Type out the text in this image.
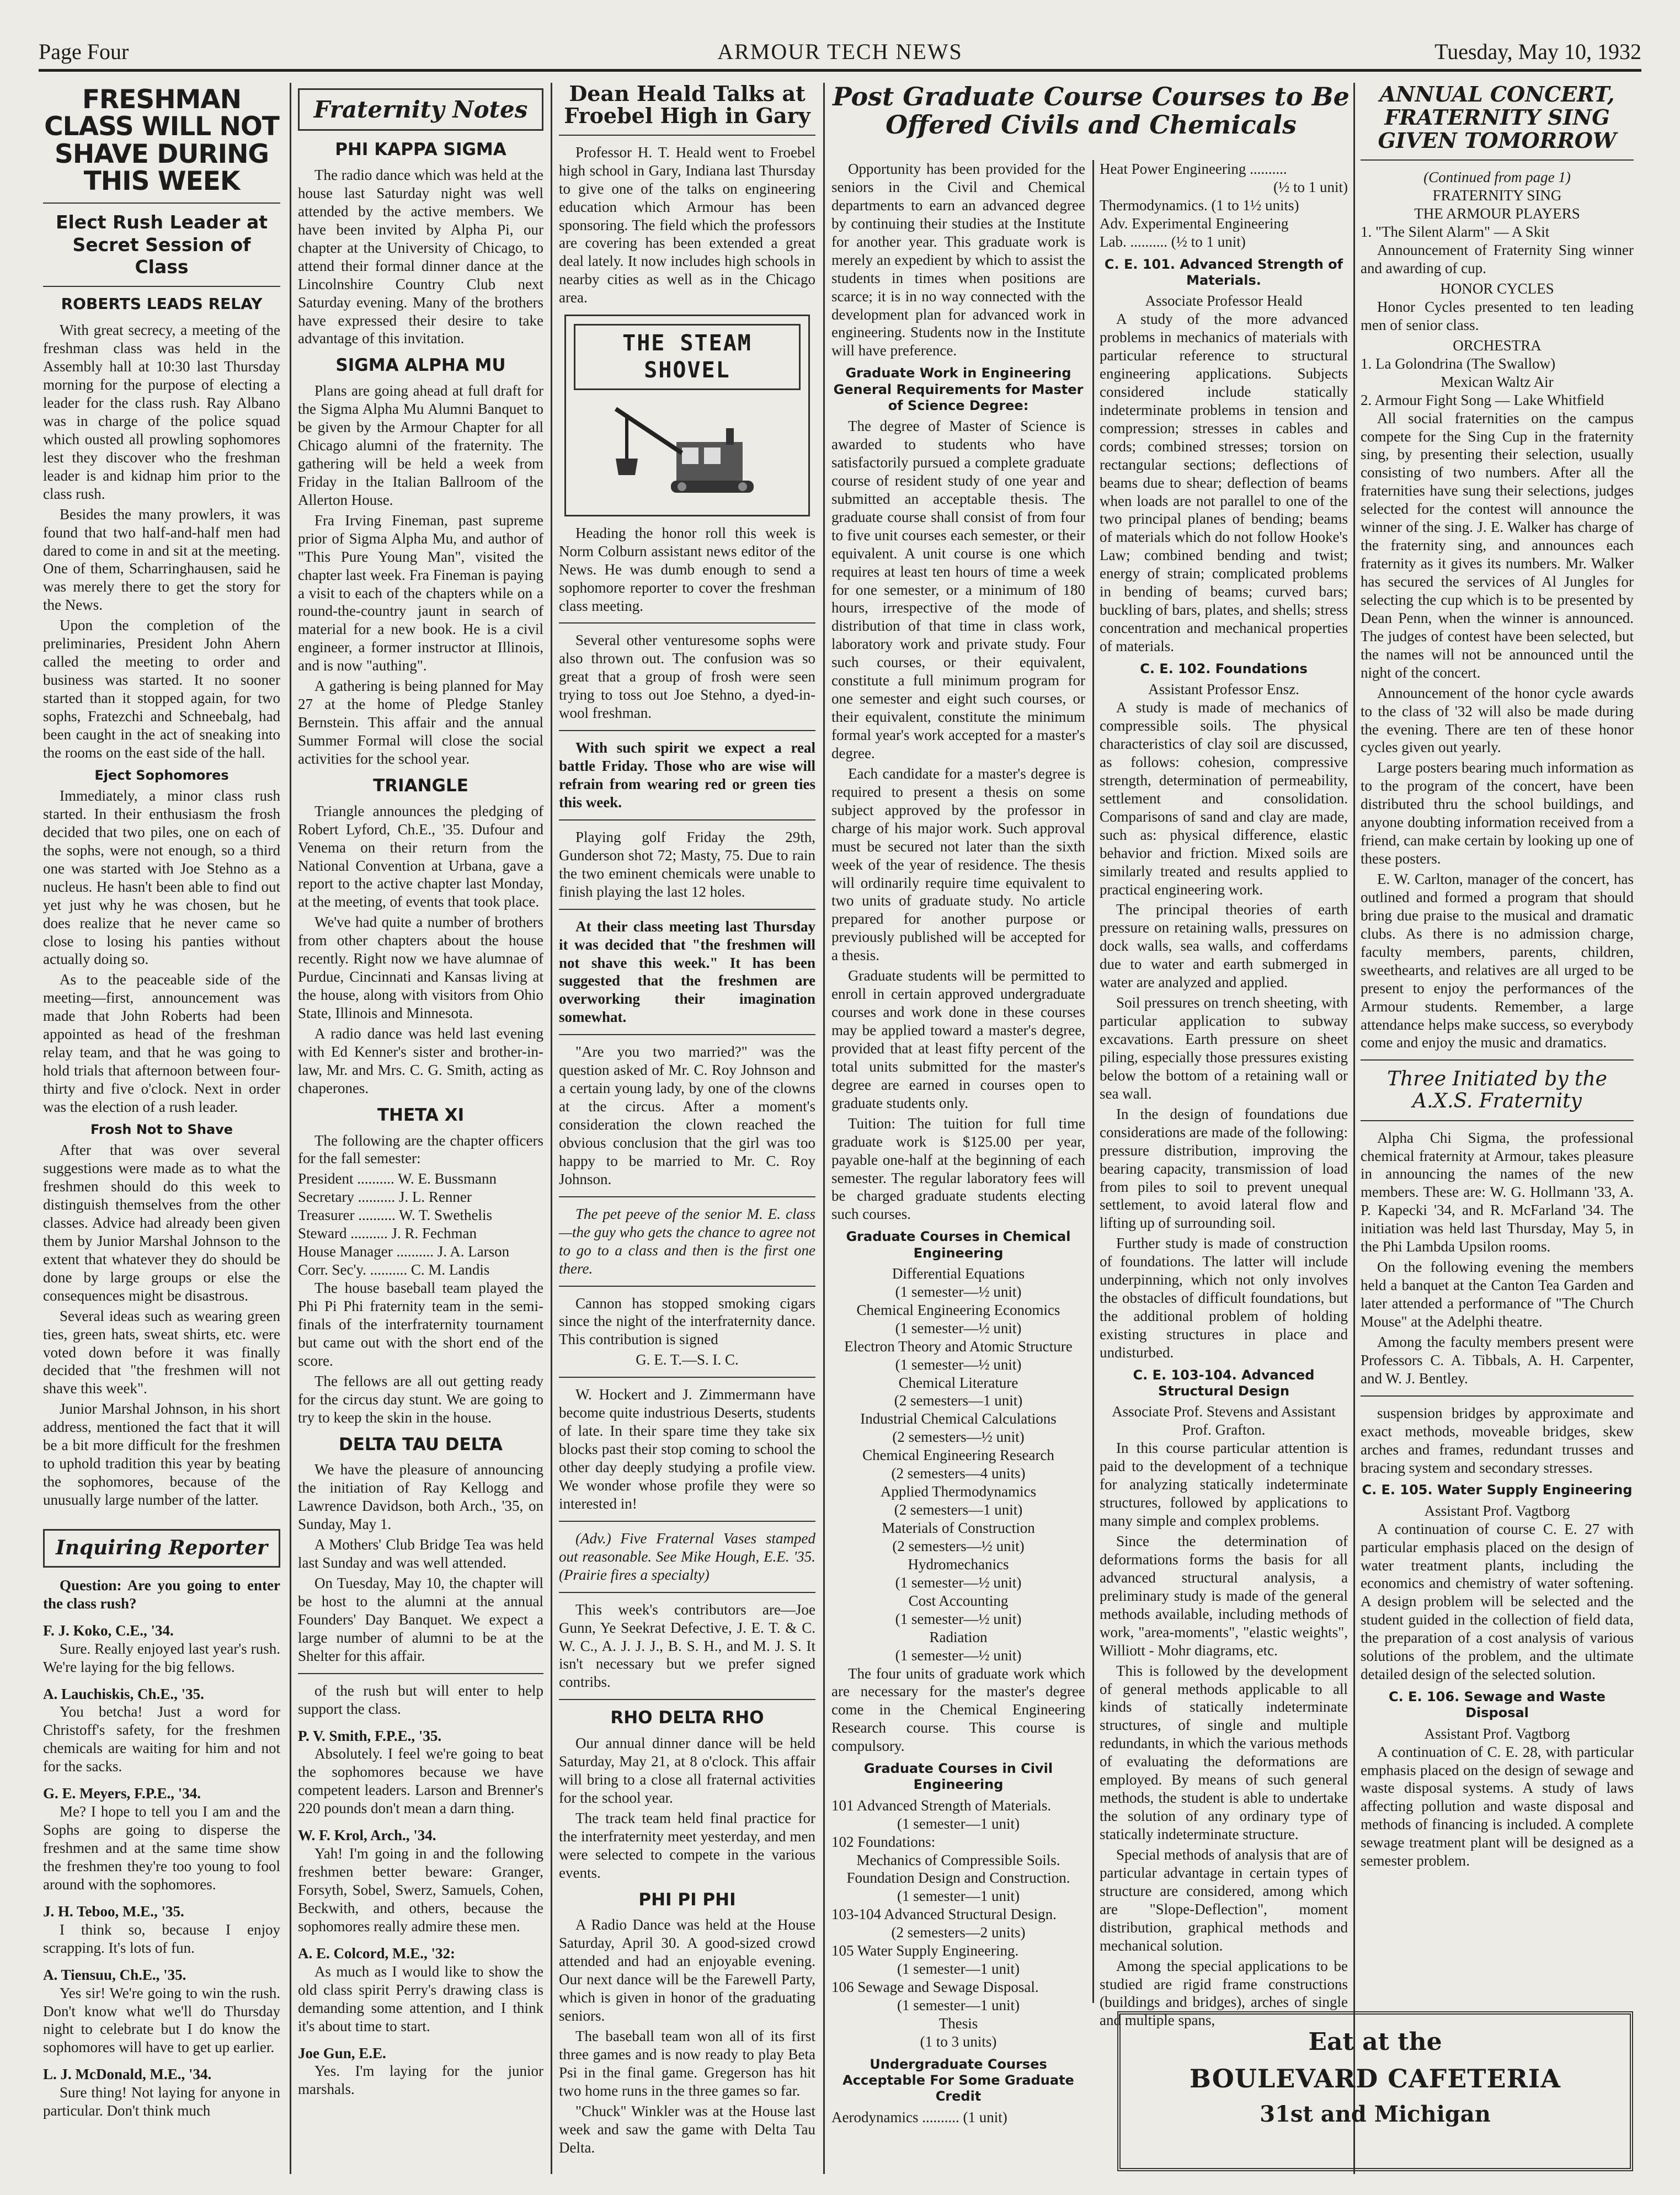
Page Four	ARMOUR TECH NEWS	Tuesday, May 10, 1932
FRESHMAN CLASS WILL NOT SHAVE DURING THIS WEEK
Elect Rush Leader at Secret Session of Class
ROBERTS LEADS RELAY

With great secrecy, a meeting of the freshman class was held in the Assembly hall at 10:30 last Thursday morning for the purpose of electing a leader for the class rush. Ray Albano was in charge of the police squad which ousted all prowling sophomores lest they discover who the freshman leader is and kidnap him prior to the class rush.

Besides the many prowlers, it was found that two half-and-half men had dared to come in and sit at the meeting. One of them, Scharringhausen, said he was merely there to get the story for the News.

Upon the completion of the preliminaries, President John Ahern called the meeting to order and business was started. It no sooner started than it stopped again, for two sophs, Fratezchi and Schneebalg, had been caught in the act of sneaking into the rooms on the east side of the hall.

Eject Sophomores

Immediately, a minor class rush started. In their enthusiasm the frosh decided that two piles, one on each of the sophs, were not enough, so a third one was started with Joe Stehno as a nucleus. He hasn't been able to find out yet just why he was chosen, but he does realize that he never came so close to losing his panties without actually doing so.

As to the peaceable side of the meeting—first, announcement was made that John Roberts had been appointed as head of the freshman relay team, and that he was going to hold trials that afternoon between four-thirty and five o'clock. Next in order was the election of a rush leader.

Frosh Not to Shave

After that was over several suggestions were made as to what the freshmen should do this week to distinguish themselves from the other classes. Advice had already been given them by Junior Marshal Johnson to the extent that whatever they do should be done by large groups or else the consequences might be disastrous.

Several ideas such as wearing green ties, green hats, sweat shirts, etc. were voted down before it was finally decided that "the freshmen will not shave this week".

Junior Marshal Johnson, in his short address, mentioned the fact that it will be a bit more difficult for the freshmen to uphold tradition this year by beating the sophomores, because of the unusually large number of the latter.

Inquiring Reporter

Question: Are you going to enter the class rush?

F. J. Koko, C.E., '34.

Sure. Really enjoyed last year's rush. We're laying for the big fellows.

A. Lauchiskis, Ch.E., '35.

You betcha! Just a word for Christoff's safety, for the freshmen chemicals are waiting for him and not for the sacks.

G. E. Meyers, F.P.E., '34.

Me? I hope to tell you I am and the Sophs are going to disperse the freshmen and at the same time show the freshmen they're too young to fool around with the sophomores.

J. H. Teboo, M.E., '35.

I think so, because I enjoy scrapping. It's lots of fun.

A. Tiensuu, Ch.E., '35.

Yes sir! We're going to win the rush. Don't know what we'll do Thursday night to celebrate but I do know the sophomores will have to get up earlier.

L. J. McDonald, M.E., '34.

Sure thing! Not laying for anyone in particular. Don't think much

Fraternity Notes
PHI KAPPA SIGMA

The radio dance which was held at the house last Saturday night was well attended by the active members. We have been invited by Alpha Pi, our chapter at the University of Chicago, to attend their formal dinner dance at the Lincolnshire Country Club next Saturday evening. Many of the brothers have expressed their desire to take advantage of this invitation.

SIGMA ALPHA MU

Plans are going ahead at full draft for the Sigma Alpha Mu Alumni Banquet to be given by the Armour Chapter for all Chicago alumni of the fraternity. The gathering will be held a week from Friday in the Italian Ballroom of the Allerton House.

Fra Irving Fineman, past supreme prior of Sigma Alpha Mu, and author of "This Pure Young Man", visited the chapter last week. Fra Fineman is paying a visit to each of the chapters while on a round-the-country jaunt in search of material for a new book. He is a civil engineer, a former instructor at Illinois, and is now "authing".

A gathering is being planned for May 27 at the home of Pledge Stanley Bernstein. This affair and the annual Summer Formal will close the social activities for the school year.

TRIANGLE

Triangle announces the pledging of Robert Lyford, Ch.E., '35. Dufour and Venema on their return from the National Convention at Urbana, gave a report to the active chapter last Monday, at the meeting, of events that took place.

We've had quite a number of brothers from other chapters about the house recently. Right now we have alumnae of Purdue, Cincinnati and Kansas living at the house, along with visitors from Ohio State, Illinois and Minnesota.

A radio dance was held last evening with Ed Kenner's sister and brother-in-law, Mr. and Mrs. C. G. Smith, acting as chaperones.

THETA XI

The following are the chapter officers for the fall semester:

President .......... W. E. Bussmann
Secretary .......... J. L. Renner
Treasurer .......... W. T. Swethelis
Steward .......... J. R. Fechman
House Manager .......... J. A. Larson
Corr. Sec'y. .......... C. M. Landis

The house baseball team played the Phi Pi Phi fraternity team in the semi-finals of the interfraternity tournament but came out with the short end of the score.

The fellows are all out getting ready for the circus day stunt. We are going to try to keep the skin in the house.

DELTA TAU DELTA

We have the pleasure of announcing the initiation of Ray Kellogg and Lawrence Davidson, both Arch., '35, on Sunday, May 1.

A Mothers' Club Bridge Tea was held last Sunday and was well attended.

On Tuesday, May 10, the chapter will be host to the alumni at the annual Founders' Day Banquet. We expect a large number of alumni to be at the Shelter for this affair.

of the rush but will enter to help support the class.

P. V. Smith, F.P.E., '35.

Absolutely. I feel we're going to beat the sophomores because we have competent leaders. Larson and Brenner's 220 pounds don't mean a darn thing.

W. F. Krol, Arch., '34.

Yah! I'm going in and the following freshmen better beware: Granger, Forsyth, Sobel, Swerz, Samuels, Cohen, Beckwith, and others, because the sophomores really admire these men.

A. E. Colcord, M.E., '32:

As much as I would like to show the old class spirit Perry's drawing class is demanding some attention, and I think it's about time to start.

Joe Gun, E.E.

Yes. I'm laying for the junior marshals.

Dean Heald Talks at Froebel High in Gary

Professor H. T. Heald went to Froebel high school in Gary, Indiana last Thursday to give one of the talks on engineering education which Armour has been sponsoring. The field which the professors are covering has been extended a great deal lately. It now includes high schools in nearby cities as well as in the Chicago area.

THE STEAM SHOVEL

Heading the honor roll this week is Norm Colburn assistant news editor of the News. He was dumb enough to send a sophomore reporter to cover the freshman class meeting.

Several other venturesome sophs were also thrown out. The confusion was so great that a group of frosh were seen trying to toss out Joe Stehno, a dyed-in-wool freshman.

With such spirit we expect a real battle Friday. Those who are wise will refrain from wearing red or green ties this week.

Playing golf Friday the 29th, Gunderson shot 72; Masty, 75. Due to rain the two eminent chemicals were unable to finish playing the last 12 holes.

At their class meeting last Thursday it was decided that "the freshmen will not shave this week." It has been suggested that the freshmen are overworking their imagination somewhat.

"Are you two married?" was the question asked of Mr. C. Roy Johnson and a certain young lady, by one of the clowns at the circus. After a moment's consideration the clown reached the obvious conclusion that the girl was too happy to be married to Mr. C. Roy Johnson.

The pet peeve of the senior M. E. class—the guy who gets the chance to agree not to go to a class and then is the first one there.

Cannon has stopped smoking cigars since the night of the interfraternity dance. This contribution is signed

G. E. T.—S. I. C.

W. Hockert and J. Zimmermann have become quite industrious Deserts, students of late. In their spare time they take six blocks past their stop coming to school the other day deeply studying a profile view. We wonder whose profile they were so interested in!

(Adv.) Five Fraternal Vases stamped out reasonable. See Mike Hough, E.E. '35. (Prairie fires a specialty)

This week's contributors are—Joe Gunn, Ye Seekrat Defective, J. E. T. & C. W. C., A. J. J. J., B. S. H., and M. J. S. It isn't necessary but we prefer signed contribs.

RHO DELTA RHO

Our annual dinner dance will be held Saturday, May 21, at 8 o'clock. This affair will bring to a close all fraternal activities for the school year.

The track team held final practice for the interfraternity meet yesterday, and men were selected to compete in the various events.

PHI PI PHI

A Radio Dance was held at the House Saturday, April 30. A good-sized crowd attended and had an enjoyable evening. Our next dance will be the Farewell Party, which is given in honor of the graduating seniors.

The baseball team won all of its first three games and is now ready to play Beta Psi in the final game. Gregerson has hit two home runs in the three games so far.

"Chuck" Winkler was at the House last week and saw the game with Delta Tau Delta.

Post Graduate Course Courses to Be Offered Civils and Chemicals

Opportunity has been provided for the seniors in the Civil and Chemical departments to earn an advanced degree by continuing their studies at the Institute for another year. This graduate work is merely an expedient by which to assist the students in times when positions are scarce; it is in no way connected with the development plan for advanced work in engineering. Students now in the Institute will have preference.

Graduate Work in Engineering General Requirements for Master of Science Degree:

The degree of Master of Science is awarded to students who have satisfactorily pursued a complete graduate course of resident study of one year and submitted an acceptable thesis. The graduate course shall consist of from four to five unit courses each semester, or their equivalent. A unit course is one which requires at least ten hours of time a week for one semester, or a minimum of 180 hours, irrespective of the mode of distribution of that time in class work, laboratory work and private study. Four such courses, or their equivalent, constitute a full minimum program for one semester and eight such courses, or their equivalent, constitute the minimum formal year's work accepted for a master's degree.

Each candidate for a master's degree is required to present a thesis on some subject approved by the professor in charge of his major work. Such approval must be secured not later than the sixth week of the year of residence. The thesis will ordinarily require time equivalent to two units of graduate study. No article prepared for another purpose or previously published will be accepted for a thesis.

Graduate students will be permitted to enroll in certain approved undergraduate courses and work done in these courses may be applied toward a master's degree, provided that at least fifty percent of the total units submitted for the master's degree are earned in courses open to graduate students only.

Tuition: The tuition for full time graduate work is $125.00 per year, payable one-half at the beginning of each semester. The regular laboratory fees will be charged graduate students electing such courses.

Graduate Courses in Chemical Engineering
Differential Equations
(1 semester—½ unit)
Chemical Engineering Economics
(1 semester—½ unit)
Electron Theory and Atomic Structure
(1 semester—½ unit)
Chemical Literature
(2 semesters—1 unit)
Industrial Chemical Calculations
(2 semesters—½ unit)
Chemical Engineering Research
(2 semesters—4 units)
Applied Thermodynamics
(2 semesters—1 unit)
Materials of Construction
(2 semesters—½ unit)
Hydromechanics
(1 semester—½ unit)
Cost Accounting
(1 semester—½ unit)
Radiation
(1 semester—½ unit)

The four units of graduate work which are necessary for the master's degree come in the Chemical Engineering Research course. This course is compulsory.

Graduate Courses in Civil Engineering
101 Advanced Strength of Materials.
(1 semester—1 unit)
102 Foundations:
Mechanics of Compressible Soils.
Foundation Design and Construction.
(1 semester—1 unit)
103-104 Advanced Structural Design.
(2 semesters—2 units)
105 Water Supply Engineering.
(1 semester—1 unit)
106 Sewage and Sewage Disposal.
(1 semester—1 unit)
Thesis
(1 to 3 units)
Undergraduate Courses Acceptable For Some Graduate Credit
Aerodynamics .......... (1 unit)
Heat Power Engineering ..........
(½ to 1 unit)
Thermodynamics. (1 to 1½ units)
Adv. Experimental Engineering
Lab. .......... (½ to 1 unit)
C. E. 101. Advanced Strength of Materials.
Associate Professor Heald

A study of the more advanced problems in mechanics of materials with particular reference to structural engineering applications. Subjects considered include statically indeterminate problems in tension and compression; stresses in cables and cords; combined stresses; torsion on rectangular sections; deflections of beams due to shear; deflection of beams when loads are not parallel to one of the two principal planes of bending; beams of materials which do not follow Hooke's Law; combined bending and twist; energy of strain; complicated problems in bending of beams; curved bars; buckling of bars, plates, and shells; stress concentration and mechanical properties of materials.

C. E. 102. Foundations
Assistant Professor Ensz.

A study is made of mechanics of compressible soils. The physical characteristics of clay soil are discussed, as follows: cohesion, compressive strength, determination of permeability, settlement and consolidation. Comparisons of sand and clay are made, such as: physical difference, elastic behavior and friction. Mixed soils are similarly treated and results applied to practical engineering work.

The principal theories of earth pressure on retaining walls, pressures on dock walls, sea walls, and cofferdams due to water and earth submerged in water are analyzed and applied.

Soil pressures on trench sheeting, with particular application to subway excavations. Earth pressure on sheet piling, especially those pressures existing below the bottom of a retaining wall or sea wall.

In the design of foundations due considerations are made of the following: pressure distribution, improving the bearing capacity, transmission of load from piles to soil to prevent unequal settlement, to avoid lateral flow and lifting up of surrounding soil.

Further study is made of construction of foundations. The latter will include underpinning, which not only involves the obstacles of difficult foundations, but the additional problem of holding existing structures in place and undisturbed.

C. E. 103-104. Advanced Structural Design
Associate Prof. Stevens and Assistant Prof. Grafton.

In this course particular attention is paid to the development of a technique for analyzing statically indeterminate structures, followed by applications to many simple and complex problems.

Since the determination of deformations forms the basis for all advanced structural analysis, a preliminary study is made of the general methods available, including methods of work, "area-moments", "elastic weights", Williott - Mohr diagrams, etc.

This is followed by the development of general methods applicable to all kinds of statically indeterminate structures, of single and multiple redundants, in which the various methods of evaluating the deformations are employed. By means of such general methods, the student is able to undertake the solution of any ordinary type of statically indeterminate structure.

Special methods of analysis that are of particular advantage in certain types of structure are considered, among which are "Slope-Deflection", moment distribution, graphical methods and mechanical solution.

Among the special applications to be studied are rigid frame constructions (buildings and bridges), arches of single and multiple spans,

ANNUAL CONCERT, FRATERNITY SING GIVEN TOMORROW
(Continued from page 1)
FRATERNITY SING
THE ARMOUR PLAYERS
1. "The Silent Alarm" — A Skit

Announcement of Fraternity Sing winner and awarding of cup.

HONOR CYCLES

Honor Cycles presented to ten leading men of senior class.

ORCHESTRA
1. La Golondrina (The Swallow)
Mexican Waltz Air
2. Armour Fight Song — Lake Whitfield

All social fraternities on the campus compete for the Sing Cup in the fraternity sing, by presenting their selection, usually consisting of two numbers. After all the fraternities have sung their selections, judges selected for the contest will announce the winner of the sing. J. E. Walker has charge of the fraternity sing, and announces each fraternity as it gives its numbers. Mr. Walker has secured the services of Al Jungles for selecting the cup which is to be presented by Dean Penn, when the winner is announced. The judges of contest have been selected, but the names will not be announced until the night of the concert.

Announcement of the honor cycle awards to the class of '32 will also be made during the evening. There are ten of these honor cycles given out yearly.

Large posters bearing much information as to the program of the concert, have been distributed thru the school buildings, and anyone doubting information received from a friend, can make certain by looking up one of these posters.

E. W. Carlton, manager of the concert, has outlined and formed a program that should bring due praise to the musical and dramatic clubs. As there is no admission charge, faculty members, parents, children, sweethearts, and relatives are all urged to be present to enjoy the performances of the Armour students. Remember, a large attendance helps make success, so everybody come and enjoy the music and dramatics.

Three Initiated by the A.X.S. Fraternity

Alpha Chi Sigma, the professional chemical fraternity at Armour, takes pleasure in announcing the names of the new members. These are: W. G. Hollmann '33, A. P. Kapecki '34, and R. McFarland '34. The initiation was held last Thursday, May 5, in the Phi Lambda Upsilon rooms.

On the following evening the members held a banquet at the Canton Tea Garden and later attended a performance of "The Church Mouse" at the Adelphi theatre.

Among the faculty members present were Professors C. A. Tibbals, A. H. Carpenter, and W. J. Bentley.

suspension bridges by approximate and exact methods, moveable bridges, skew arches and frames, redundant trusses and bracing system and secondary stresses.

C. E. 105. Water Supply Engineering
Assistant Prof. Vagtborg

A continuation of course C. E. 27 with particular emphasis placed on the design of water treatment plants, including the economics and chemistry of water softening. A design problem will be selected and the student guided in the collection of field data, the preparation of a cost analysis of various solutions of the problem, and the ultimate detailed design of the selected solution.

C. E. 106. Sewage and Waste Disposal
Assistant Prof. Vagtborg

A continuation of C. E. 28, with particular emphasis placed on the design of sewage and waste disposal systems. A study of laws affecting pollution and waste disposal and methods of financing is included. A complete sewage treatment plant will be designed as a semester problem.

Eat at the
BOULEVARD CAFETERIA
31st and Michigan
